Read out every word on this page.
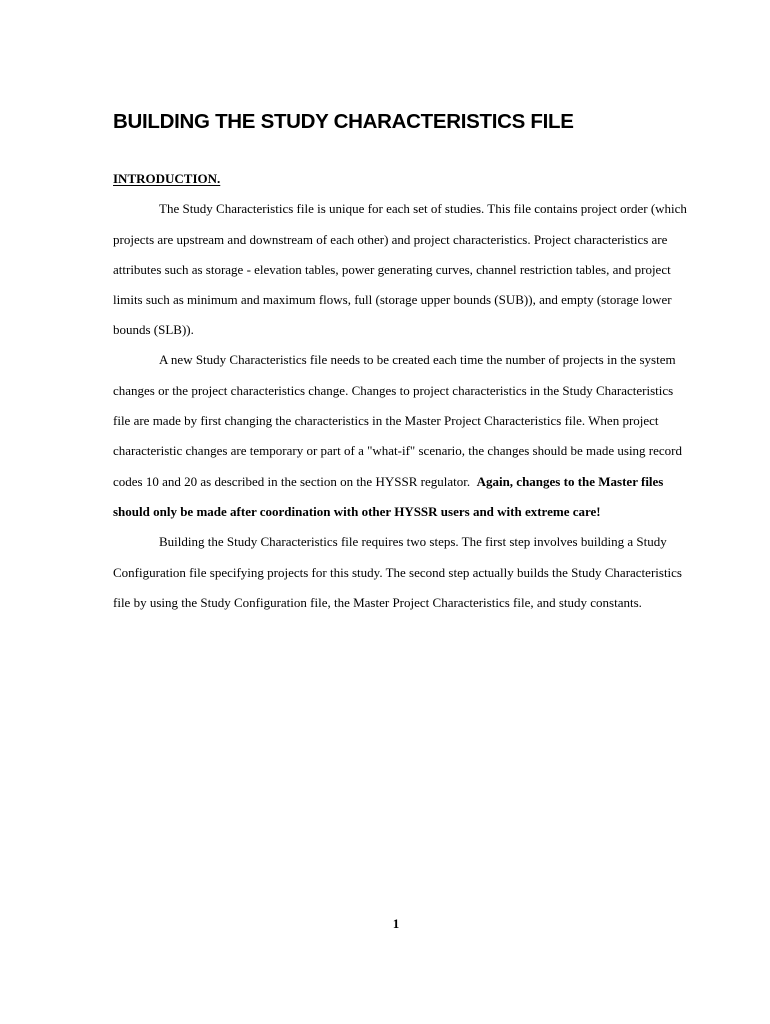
BUILDING THE STUDY CHARACTERISTICS FILE
INTRODUCTION.

The Study Characteristics file is unique for each set of studies. This file contains project order (which

projects are upstream and downstream of each other) and project characteristics. Project characteristics are

attributes such as storage - elevation tables, power generating curves, channel restriction tables, and project

limits such as minimum and maximum flows, full (storage upper bounds (SUB)), and empty (storage lower

bounds (SLB)).

A new Study Characteristics file needs to be created each time the number of projects in the system

changes or the project characteristics change. Changes to project characteristics in the Study Characteristics

file are made by first changing the characteristics in the Master Project Characteristics file. When project

characteristic changes are temporary or part of a "what-if" scenario, the changes should be made using record

codes 10 and 20 as described in the section on the HYSSR regulator.  Again, changes to the Master files

should only be made after coordination with other HYSSR users and with extreme care!

Building the Study Characteristics file requires two steps. The first step involves building a Study

Configuration file specifying projects for this study. The second step actually builds the Study Characteristics

file by using the Study Configuration file, the Master Project Characteristics file, and study constants.

1
